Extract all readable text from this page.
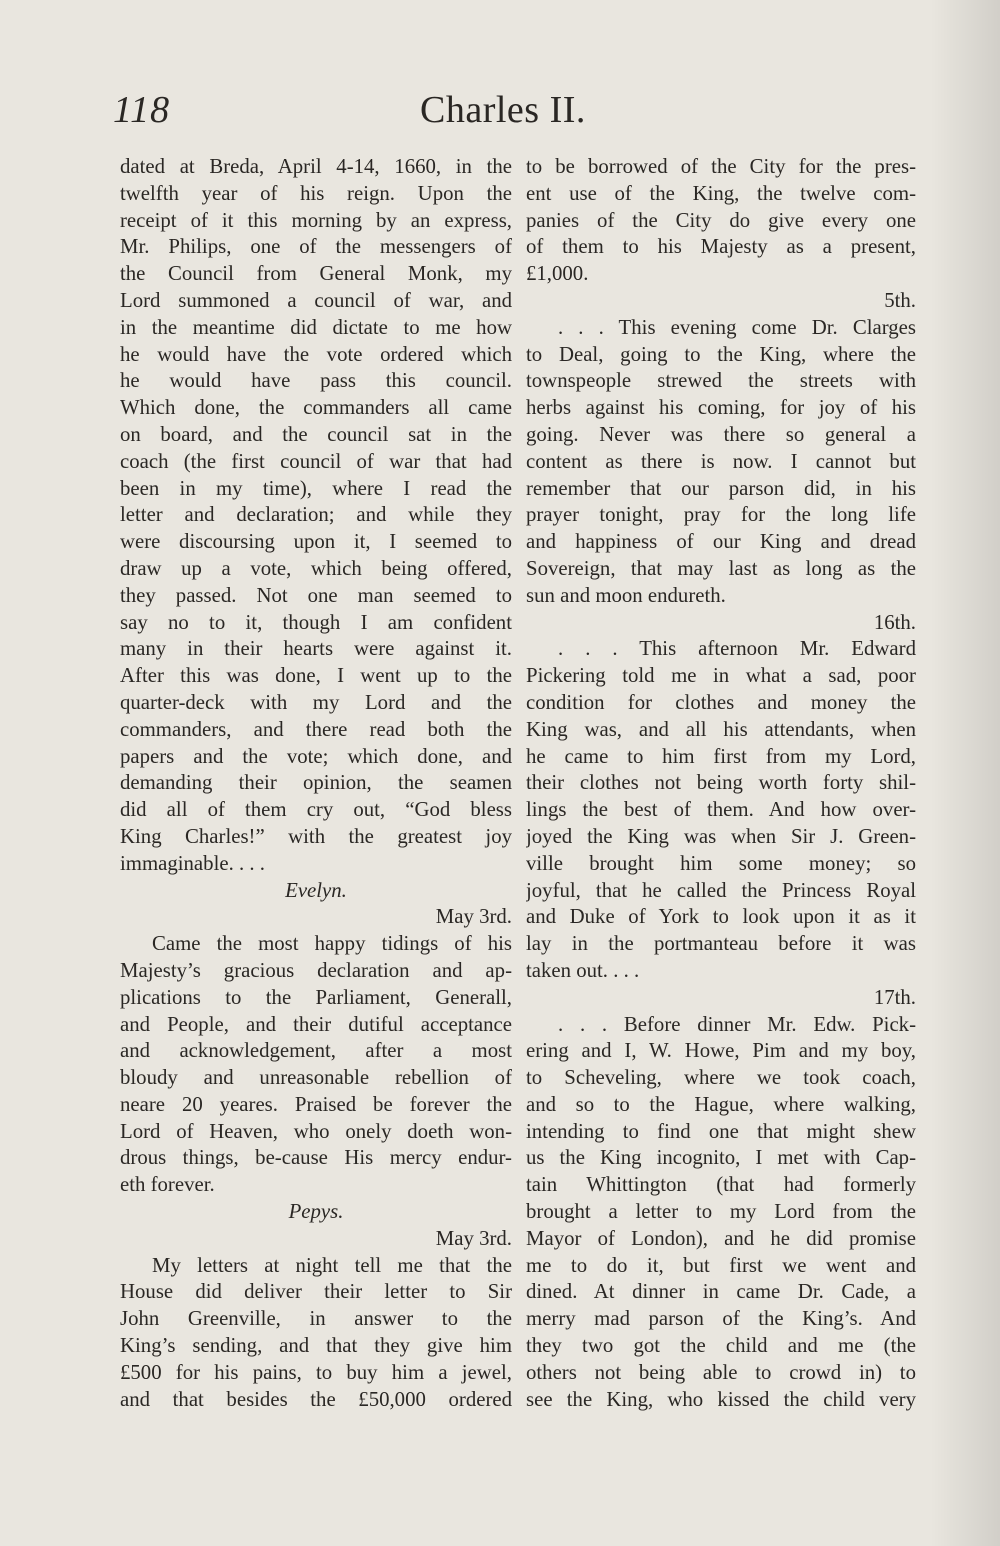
118	Charles II.
dated at Breda, April 4-14, 1660, in the
twelfth year of his reign. Upon the
receipt of it this morning by an express,
Mr. Philips, one of the messengers of
the Council from General Monk, my
Lord summoned a council of war, and
in the meantime did dictate to me how
he would have the vote ordered which
he would have pass this council.
Which done, the commanders all came
on board, and the council sat in the
coach (the first council of war that had
been in my time), where I read the
letter and declaration; and while they
were discoursing upon it, I seemed to
draw up a vote, which being offered,
they passed. Not one man seemed to
say no to it, though I am confident
many in their hearts were against it.
After this was done, I went up to the
quarter-deck with my Lord and the
commanders, and there read both the
papers and the vote; which done, and
demanding their opinion, the seamen
did all of them cry out, “God bless
King Charles!” with the greatest joy
immaginable. . . .
Evelyn.
May 3rd.
Came the most happy tidings of his
Majesty’s gracious declaration and ap-
plications to the Parliament, Generall,
and People, and their dutiful acceptance
and acknowledgement, after a most
bloudy and unreasonable rebellion of
neare 20 yeares. Praised be forever the
Lord of Heaven, who onely doeth won-
drous things, be-cause His mercy endur-
eth forever.
Pepys.
May 3rd.
My letters at night tell me that the
House did deliver their letter to Sir
John Greenville, in answer to the
King’s sending, and that they give him
£500 for his pains, to buy him a jewel,
and that besides the £50,000 ordered
to be borrowed of the City for the pres-
ent use of the King, the twelve com-
panies of the City do give every one
of them to his Majesty as a present,
£1,000.
5th.
. . . This evening come Dr. Clarges
to Deal, going to the King, where the
townspeople strewed the streets with
herbs against his coming, for joy of his
going. Never was there so general a
content as there is now. I cannot but
remember that our parson did, in his
prayer tonight, pray for the long life
and happiness of our King and dread
Sovereign, that may last as long as the
sun and moon endureth.
16th.
. . . This afternoon Mr. Edward
Pickering told me in what a sad, poor
condition for clothes and money the
King was, and all his attendants, when
he came to him first from my Lord,
their clothes not being worth forty shil-
lings the best of them. And how over-
joyed the King was when Sir J. Green-
ville brought him some money; so
joyful, that he called the Princess Royal
and Duke of York to look upon it as it
lay in the portmanteau before it was
taken out. . . .
17th.
. . . Before dinner Mr. Edw. Pick-
ering and I, W. Howe, Pim and my boy,
to Scheveling, where we took coach,
and so to the Hague, where walking,
intending to find one that might shew
us the King incognito, I met with Cap-
tain Whittington (that had formerly
brought a letter to my Lord from the
Mayor of London), and he did promise
me to do it, but first we went and
dined. At dinner in came Dr. Cade, a
merry mad parson of the King’s. And
they two got the child and me (the
others not being able to crowd in) to
see the King, who kissed the child very
